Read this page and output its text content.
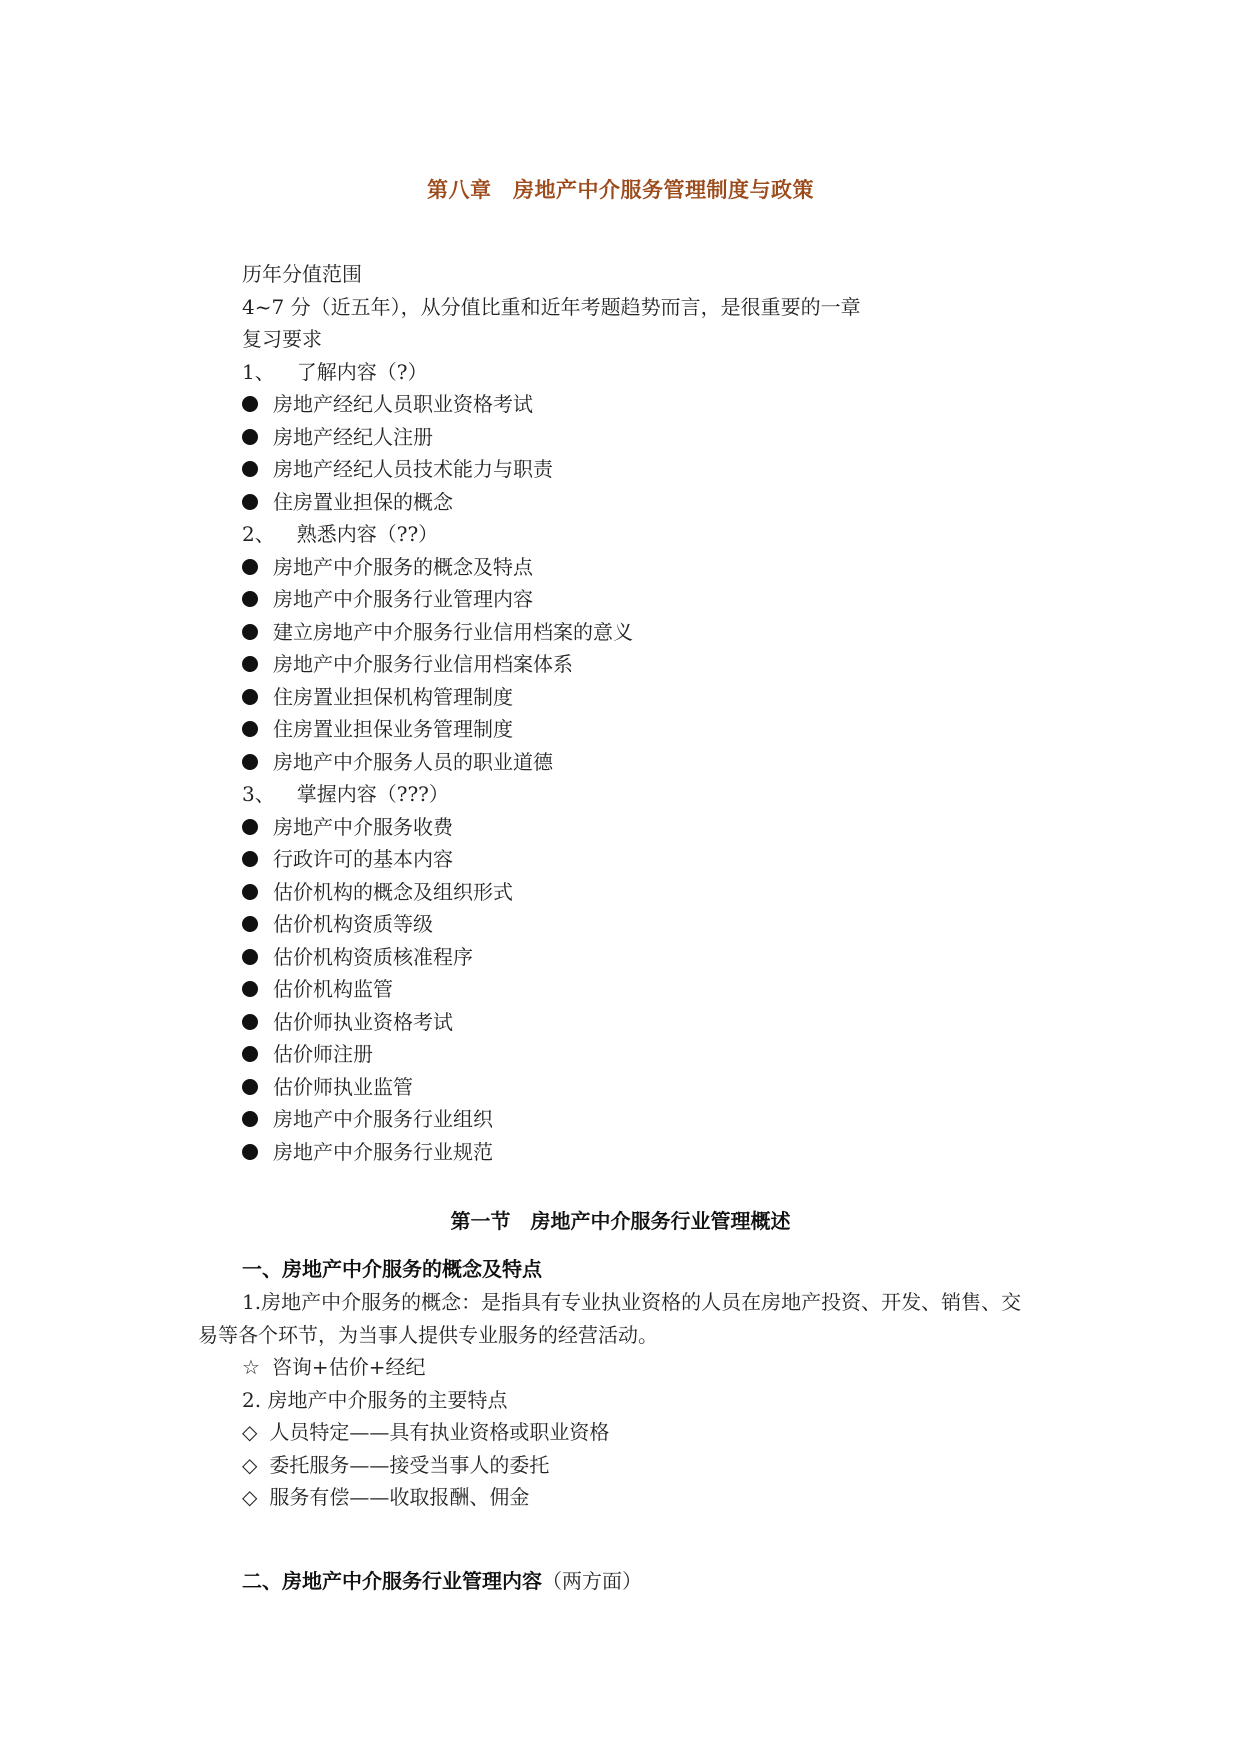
第八章　房地产中介服务管理制度与政策
历年分值范围
4~7 分（近五年），从分值比重和近年考题趋势而言，是很重要的一章
复习要求
1、 了解内容（?）
房地产经纪人员职业资格考试
房地产经纪人注册
房地产经纪人员技术能力与职责
住房置业担保的概念
2、 熟悉内容（??）
房地产中介服务的概念及特点
房地产中介服务行业管理内容
建立房地产中介服务行业信用档案的意义
房地产中介服务行业信用档案体系
住房置业担保机构管理制度
住房置业担保业务管理制度
房地产中介服务人员的职业道德
3、 掌握内容（???）
房地产中介服务收费
行政许可的基本内容
估价机构的概念及组织形式
估价机构资质等级
估价机构资质核准程序
估价机构监管
估价师执业资格考试
估价师注册
估价师执业监管
房地产中介服务行业组织
房地产中介服务行业规范
第一节　房地产中介服务行业管理概述
一、房地产中介服务的概念及特点
1.房地产中介服务的概念：是指具有专业执业资格的人员在房地产投资、开发、销售、交易等各个环节，为当事人提供专业服务的经营活动。
☆ 咨询+估价+经纪
2. 房地产中介服务的主要特点
◇ 人员特定——具有执业资格或职业资格
◇ 委托服务——接受当事人的委托
◇ 服务有偿——收取报酬、佣金
二、房地产中介服务行业管理内容（两方面）
